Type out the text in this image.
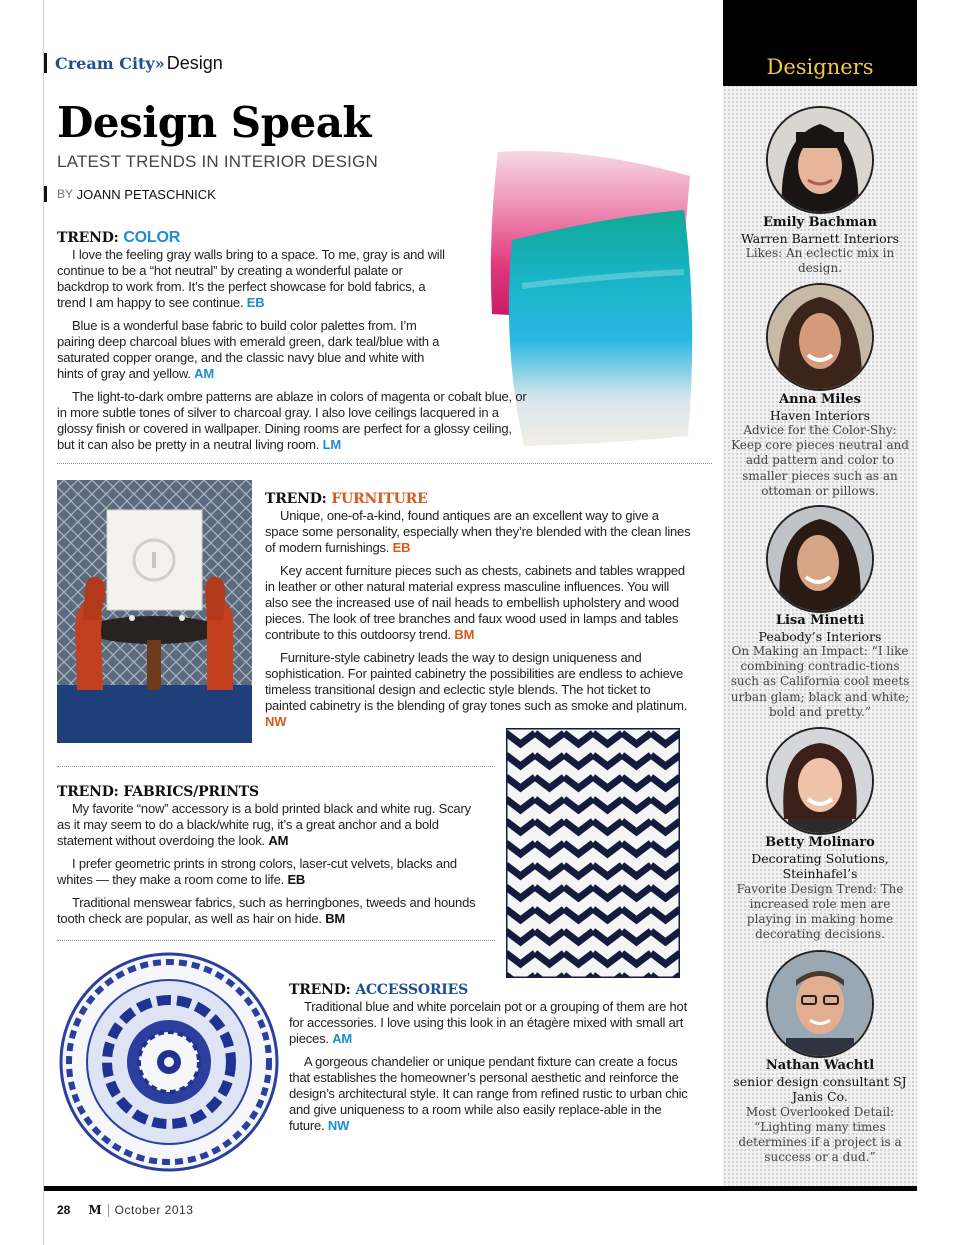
Cream City » Design
Design Speak
LATEST TRENDS IN INTERIOR DESIGN
BY
JOANN PETASCHNICK
TREND: COLOR

I love the feeling gray walls bring to a space. To me, gray is and will continue to be a “hot neutral” by creating a wonderful palate or backdrop to work from. It’s the perfect showcase for bold fabrics, a trend I am happy to see continue. EB

Blue is a wonderful base fabric to build color palettes from. I’m pairing deep charcoal blues with emerald green, dark teal/blue with a saturated copper orange, and the classic navy blue and white with hints of gray and yellow. AM

The light-to-dark ombre patterns are ablaze in colors of magenta or cobalt blue, or in more subtle tones of silver to charcoal gray. I also love ceilings lacquered in a glossy finish or covered in wallpaper. Dining rooms are perfect for a glossy ceiling, but it can also be pretty in a neutral living room. LM

TREND: FURNITURE

Unique, one-of-a-kind, found antiques are an excellent way to give a space some personality, especially when they’re blended with the clean lines of modern furnishings. EB

Key accent furniture pieces such as chests, cabinets and tables wrapped in leather or other natural material express masculine influences. You will also see the increased use of nail heads to embellish upholstery and wood pieces. The look of tree branches and faux wood used in lamps and tables contribute to this outdoorsy trend. BM

Furniture-style cabinetry leads the way to design uniqueness and sophistication. For painted cabinetry the possibilities are endless to achieve timeless transitional design and eclectic style blends. The hot ticket to painted cabinetry is the blending of gray tones such as smoke and platinum. NW

TREND: FABRICS/PRINTS

My favorite “now” accessory is a bold printed black and white rug. Scary as it may seem to do a black/white rug, it’s a great anchor and a bold statement without overdoing the look. AM

I prefer geometric prints in strong colors, laser-cut velvets, blacks and whites — they make a room come to life. EB

Traditional menswear fabrics, such as herringbones, tweeds and hounds tooth check are popular, as well as hair on hide. BM

TREND: ACCESSORIES

Traditional blue and white porcelain pot or a grouping of them are hot for accessories. I love using this look in an étagère mixed with small art pieces. AM

A gorgeous chandelier or unique pendant fixture can create a focus that establishes the homeowner’s personal aesthetic and reinforce the design’s architectural style. It can range from refined rustic to urban chic and give uniqueness to a room while also easily replace-able in the future. NW

Designers
Emily Bachman
Warren Barnett Interiors
Likes: An eclectic mix in design.
Anna Miles
Haven Interiors
Advice for the Color-Shy: Keep core pieces neutral and add pattern and color to smaller pieces such as an ottoman or pillows.
Lisa Minetti
Peabody’s Interiors
On Making an Impact: “I like combining contradic-tions such as California cool meets urban glam; black and white; bold and pretty.”
Betty Molinaro
Decorating Solutions, Steinhafel’s
Favorite Design Trend: The increased role men are playing in making home decorating decisions.
Nathan Wachtl
senior design consultant SJ Janis Co.
Most Overlooked Detail: “Lighting many times determines if a project is a success or a dud.”
28 M October 2013
